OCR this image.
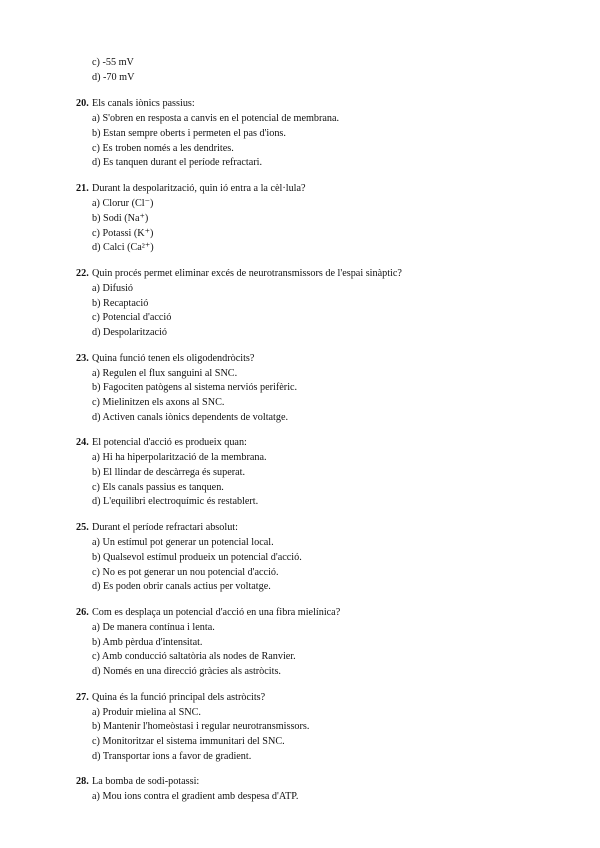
c) -55 mV
d) -70 mV
20. Els canals iònics passius:
a) S'obren en resposta a canvis en el potencial de membrana.
b) Estan sempre oberts i permeten el pas d'ions.
c) Es troben només a les dendrites.
d) Es tanquen durant el període refractari.
21. Durant la despolarització, quin ió entra a la cèl·lula?
a) Clorur (Cl⁻)
b) Sodi (Na⁺)
c) Potassi (K⁺)
d) Calci (Ca²⁺)
22. Quin procés permet eliminar excés de neurotransmissors de l'espai sinàptic?
a) Difusió
b) Recaptació
c) Potencial d'acció
d) Despolarització
23. Quina funció tenen els oligodendròcits?
a) Regulen el flux sanguini al SNC.
b) Fagociten patògens al sistema nerviós perifèric.
c) Mielinitzen els axons al SNC.
d) Activen canals iònics dependents de voltatge.
24. El potencial d'acció es produeix quan:
a) Hi ha hiperpolarització de la membrana.
b) El llindar de descàrrega és superat.
c) Els canals passius es tanquen.
d) L'equilibri electroquímic és restablert.
25. Durant el període refractari absolut:
a) Un estímul pot generar un potencial local.
b) Qualsevol estímul produeix un potencial d'acció.
c) No es pot generar un nou potencial d'acció.
d) Es poden obrir canals actius per voltatge.
26. Com es desplaça un potencial d'acció en una fibra mielínica?
a) De manera contínua i lenta.
b) Amb pèrdua d'intensitat.
c) Amb conducció saltatòria als nodes de Ranvier.
d) Només en una direcció gràcies als astròcits.
27. Quina és la funció principal dels astròcits?
a) Produir mielina al SNC.
b) Mantenir l'homeòstasi i regular neurotransmissors.
c) Monitoritzar el sistema immunitari del SNC.
d) Transportar ions a favor de gradient.
28. La bomba de sodi-potassi:
a) Mou ions contra el gradient amb despesa d'ATP.
